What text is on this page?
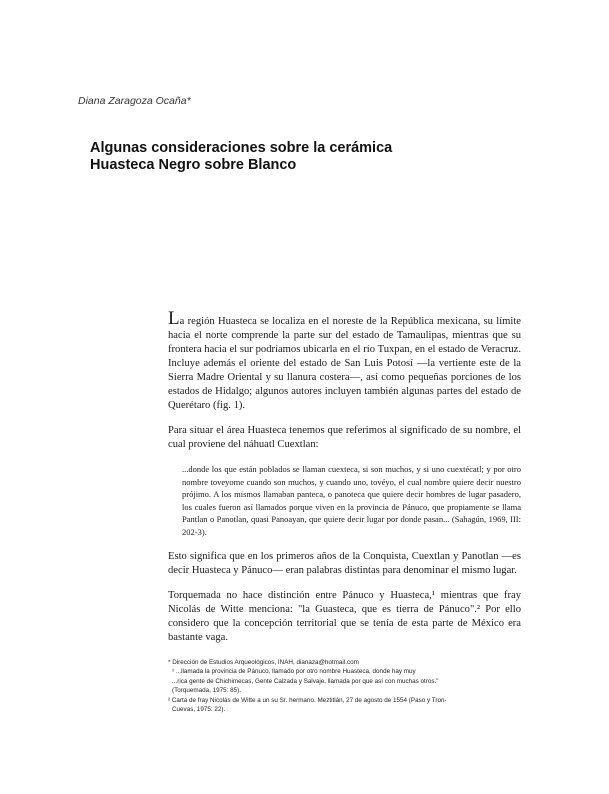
Diana Zaragoza Ocaña*
Algunas consideraciones sobre la cerámica
Huasteca Negro sobre Blanco

La región Huasteca se localiza en el noreste de la República mexicana, su límite hacia el norte comprende la parte sur del estado de Tamaulipas, mientras que su frontera hacia el sur podríamos ubicarla en el río Tuxpan, en el estado de Veracruz. Incluye además el oriente del estado de San Luis Potosí —la vertiente este de la Sierra Madre Oriental y su llanura costera—, así como pequeñas porciones de los estados de Hidalgo; algunos autores incluyen también algunas partes del estado de Querétaro (fig. 1).

Para situar el área Huasteca tenemos que referimos al significado de su nombre, el cual proviene del náhuatl Cuextlan:

...donde los que están poblados se llaman cuexteca, si son muchos, y si uno cuextécatl; y por otro nombre toveyome cuando son muchos, y cuando uno, tovéyo, el cual nombre quiere decir nuestro prójimo. A los mismos llamaban panteca, o panoteca que quiere decir hombres de lugar pasadero, los cuales fueron así llamados porque viven en la provincia de Pánuco, que propiamente se llama Pantlan o Panotlan, quasi Panoayan, que quiere decir lugar por donde pasan... (Sahagún, 1969, III: 202-3).

Esto significa que en los primeros años de la Conquista, Cuextlan y Panotlan —es decir Huasteca y Pánuco— eran palabras distintas para denominar el mismo lugar.

Torquemada no hace distinción entre Pánuco y Huasteca,¹ mientras que fray Nicolás de Witte menciona: "la Guasteca, que es tierra de Pánuco".² Por ello considero que la concepción territorial que se tenía de esta parte de México era bastante vaga.

* Dirección de Estudios Arqueológicos, INAH, dianaza@hotmail.com

¹ ...llamada la provincia de Pánuco, llamado por otro nombre Huasteca, donde hay muy

...rica gente de Chichimecas, Gente Calzada y Salvaje, llamada por que así con muchas otros."

(Torquemada, 1975: 85).

² Carta de fray Nicolás de Witte a un su Sr. hermano. Meztitlán, 27 de agosto de 1554 (Paso y Tron-

Cuevas, 1975: 22).
